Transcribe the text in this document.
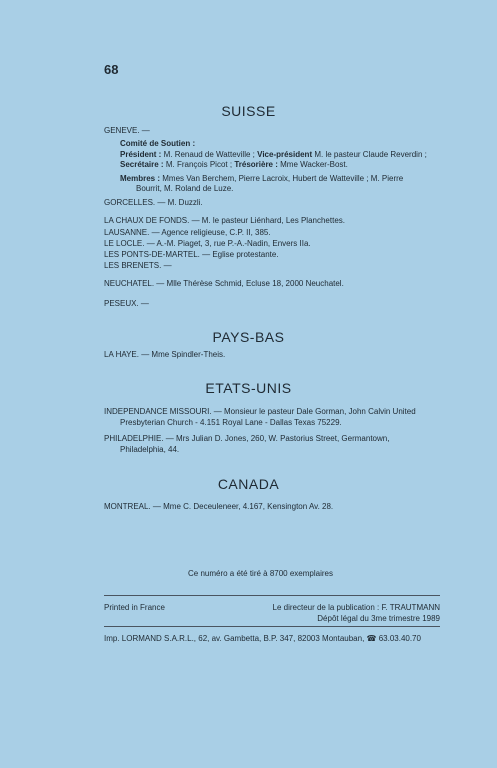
68
SUISSE
GENEVE. —
Comité de Soutien :
Président : M. Renaud de Watteville ; Vice-président M. le pasteur Claude Reverdin ;
Secrétaire : M. François Picot ; Trésorière : Mme Wacker-Bost.
Membres : Mmes Van Berchem, Pierre Lacroix, Hubert de Watteville ; M. Pierre
Bourrit, M. Roland de Luze.
GORCELLES. — M. Duzzli.
LA CHAUX DE FONDS. — M. le pasteur Liénhard, Les Planchettes.
LAUSANNE. — Agence religieuse, C.P. II, 385.
LE LOCLE. — A.-M. Piaget, 3, rue P.-A.-Nadin, Envers IIa.
LES PONTS-DE-MARTEL. — Eglise protestante.
LES BRENETS. —
NEUCHATEL. — Mlle Thérèse Schmid, Ecluse 18, 2000 Neuchatel.
PESEUX. —
PAYS-BAS
LA HAYE. — Mme Spindler-Theis.
ETATS-UNIS
INDEPENDANCE MISSOURI. — Monsieur le pasteur Dale Gorman, John Calvin United
Presbyterian Church - 4.151 Royal Lane - Dallas Texas 75229.
PHILADELPHIE. — Mrs Julian D. Jones, 260, W. Pastorius Street, Germantown,
Philadelphia, 44.
CANADA
MONTREAL. — Mme C. Deceuleneer, 4.167, Kensington Av. 28.
Ce numéro a été tiré à 8700 exemplaires
Printed in France	Le directeur de la publication : F. TRAUTMANN
Dépôt légal du 3me trimestre 1989
Imp. LORMAND S.A.R.L., 62, av. Gambetta, B.P. 347, 82003 Montauban, ☎ 63.03.40.70
